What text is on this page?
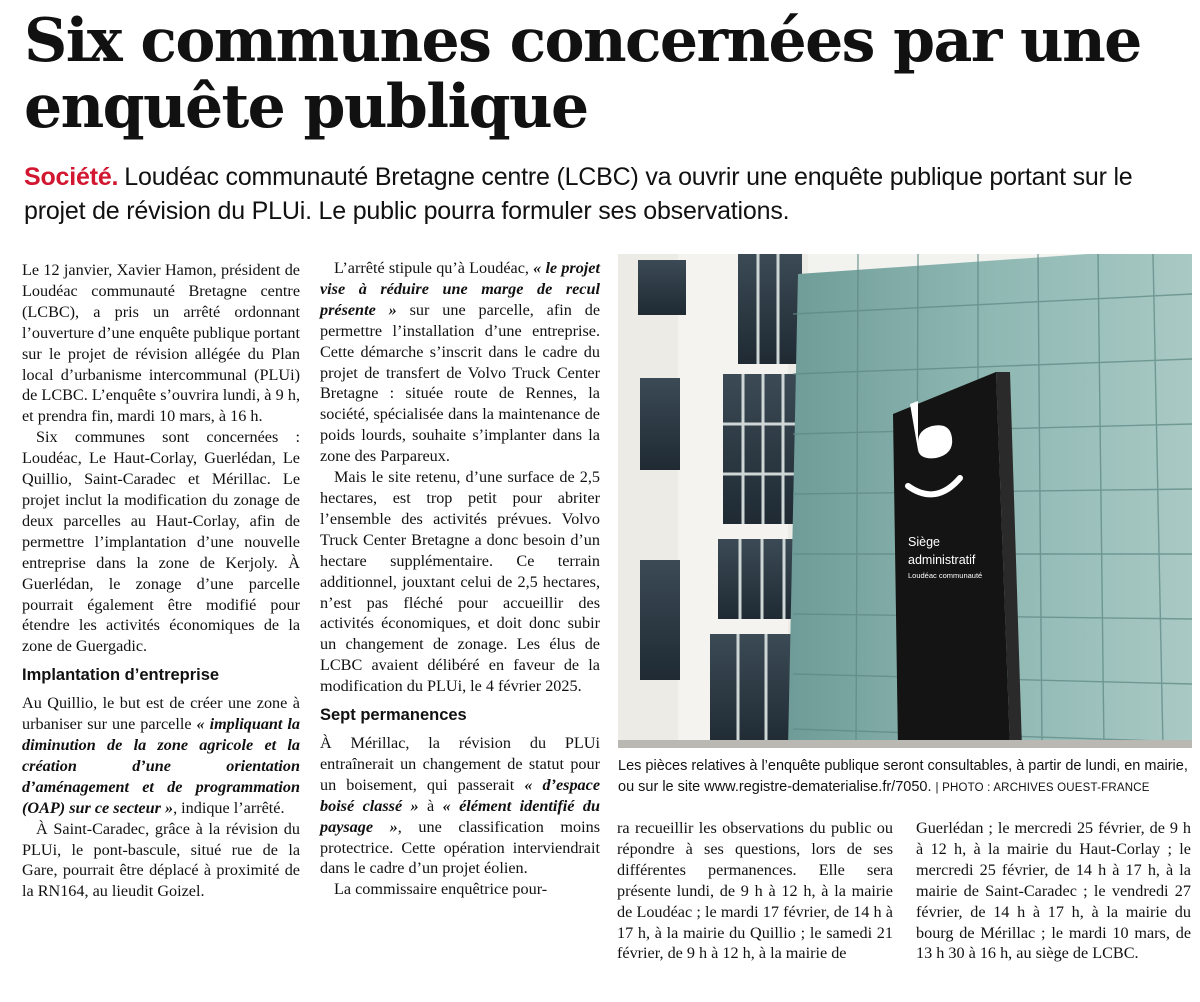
Six communes concernées par une enquête publique

Société. Loudéac communauté Bretagne centre (LCBC) va ouvrir une enquête publique portant sur le projet de révision du PLUi. Le public pourra formuler ses observations.

Le 12 janvier, Xavier Hamon, président de Loudéac communauté Bretagne centre (LCBC), a pris un arrêté ordonnant l’ouverture d’une enquête publique portant sur le projet de révision allégée du Plan local d’urbanisme intercommunal (PLUi) de LCBC. L’enquête s’ouvrira lundi, à 9 h, et prendra fin, mardi 10 mars, à 16 h.

Six communes sont concernées : Loudéac, Le Haut-Corlay, Guerlédan, Le Quillio, Saint-Caradec et Mérillac. Le projet inclut la modification du zonage de deux parcelles au Haut-Corlay, afin de permettre l’implantation d’une nouvelle entreprise dans la zone de Kerjoly. À Guerlédan, le zonage d’une parcelle pourrait également être modifié pour étendre les activités économiques de la zone de Guergadic.

Implantation d’entreprise

Au Quillio, le but est de créer une zone à urbaniser sur une parcelle « impliquant la diminution de la zone agricole et la création d’une orientation d’aménagement et de programmation (OAP) sur ce secteur », indique l’arrêté.

À Saint-Caradec, grâce à la révision du PLUi, le pont-bascule, situé rue de la Gare, pourrait être déplacé à proximité de la RN164, au lieudit Goizel.

L’arrêté stipule qu’à Loudéac, « le projet vise à réduire une marge de recul présente » sur une parcelle, afin de permettre l’installation d’une entreprise. Cette démarche s’inscrit dans le cadre du projet de transfert de Volvo Truck Center Bretagne : située route de Rennes, la société, spécialisée dans la maintenance de poids lourds, souhaite s’implanter dans la zone des Parpareux.

Mais le site retenu, d’une surface de 2,5 hectares, est trop petit pour abriter l’ensemble des activités prévues. Volvo Truck Center Bretagne a donc besoin d’un hectare supplémentaire. Ce terrain additionnel, jouxtant celui de 2,5 hectares, n’est pas fléché pour accueillir des activités économiques, et doit donc subir un changement de zonage. Les élus de LCBC avaient délibéré en faveur de la modification du PLUi, le 4 février 2025.

Sept permanences

À Mérillac, la révision du PLUi entraînerait un changement de statut pour un boisement, qui passerait « d’espace boisé classé » à « élément identifié du paysage », une classification moins protectrice. Cette opération interviendrait dans le cadre d’un projet éolien.

La commissaire enquêtrice pour-

Siège
administratif
Loudéac communauté
Les pièces relatives à l’enquête publique seront consultables, à partir de lundi, en mairie, ou sur le site www.registre-dematerialise.fr/7050. | PHOTO : ARCHIVES OUEST-FRANCE

ra recueillir les observations du public ou répondre à ses questions, lors de ses différentes permanences. Elle sera présente lundi, de 9 h à 12 h, à la mairie de Loudéac ; le mardi 17 février, de 14 h à 17 h, à la mairie du Quillio ; le samedi 21 février, de 9 h à 12 h, à la mairie de

Guerlédan ; le mercredi 25 février, de 9 h à 12 h, à la mairie du Haut-Corlay ; le mercredi 25 février, de 14 h à 17 h, à la mairie de Saint-Caradec ; le vendredi 27 février, de 14 h à 17 h, à la mairie du bourg de Mérillac ; le mardi 10 mars, de 13 h 30 à 16 h, au siège de LCBC.
